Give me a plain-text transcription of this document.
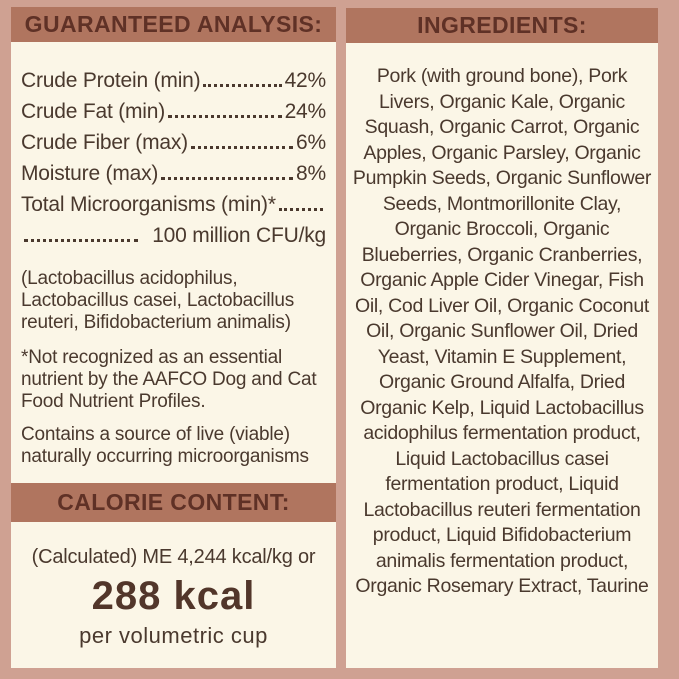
GUARANTEED ANALYSIS:
Crude Protein (min)	42%
Crude Fat (min)	24%
Crude Fiber (max)	6%
Moisture (max)	8%
Total Microorganisms (min)*
100 million CFU/kg
(Lactobacillus acidophilus, Lactobacillus casei, Lactobacillus reuteri, Bifidobacterium animalis)
*Not recognized as an essential nutrient by the AAFCO Dog and Cat Food Nutrient Profiles.
Contains a source of live (viable) naturally occurring microorganisms
CALORIE CONTENT:
(Calculated) ME 4,244 kcal/kg or
288 kcal
per volumetric cup
INGREDIENTS:
Pork (with ground bone), Pork Livers, Organic Kale, Organic Squash, Organic Carrot, Organic Apples, Organic Parsley, Organic Pumpkin Seeds, Organic Sunflower Seeds, Montmorillonite Clay, Organic Broccoli, Organic Blueberries, Organic Cranberries, Organic Apple Cider Vinegar, Fish Oil, Cod Liver Oil, Organic Coconut Oil, Organic Sunflower Oil, Dried Yeast, Vitamin E Supplement, Organic Ground Alfalfa, Dried Organic Kelp, Liquid Lactobacillus acidophilus fermentation product, Liquid Lactobacillus casei fermentation product, Liquid Lactobacillus reuteri fermentation product, Liquid Bifidobacterium animalis fermentation product, Organic Rosemary Extract, Taurine
